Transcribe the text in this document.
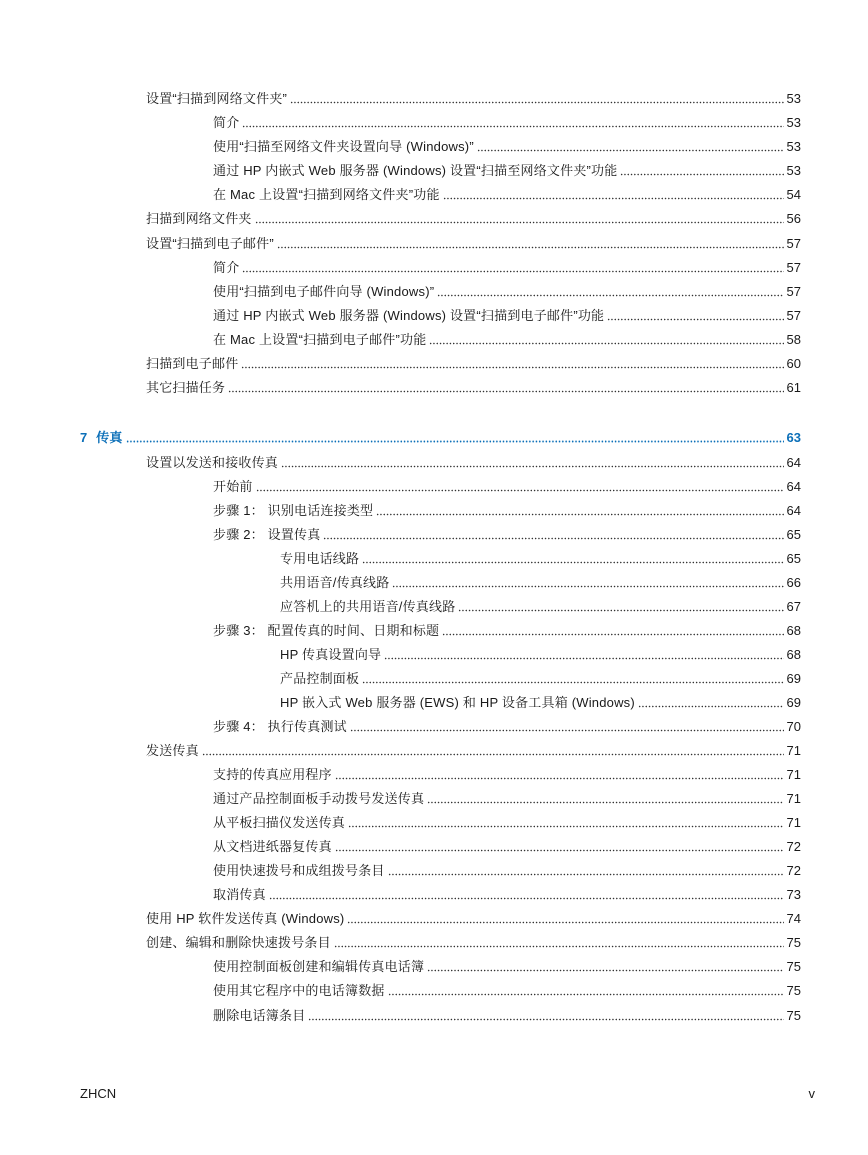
设置“扫描到网络文件夹”	53
简介	53
使用“扫描至网络文件夹设置向导 (Windows)”	53
通过 HP 内嵌式 Web 服务器 (Windows) 设置“扫描至网络文件夹”功能	53
在 Mac 上设置“扫描到网络文件夹”功能	54
扫描到网络文件夹	56
设置“扫描到电子邮件”	57
简介	57
使用“扫描到电子邮件向导 (Windows)”	57
通过 HP 内嵌式 Web 服务器 (Windows) 设置“扫描到电子邮件”功能	57
在 Mac 上设置“扫描到电子邮件”功能	58
扫描到电子邮件	60
其它扫描任务	61
7 传真	63
设置以发送和接收传真	64
开始前	64
步骤 1： 识别电话连接类型	64
步骤 2： 设置传真	65
专用电话线路	65
共用语音/传真线路	66
应答机上的共用语音/传真线路	67
步骤 3： 配置传真的时间、日期和标题	68
HP 传真设置向导	68
产品控制面板	69
HP 嵌入式 Web 服务器 (EWS) 和 HP 设备工具箱 (Windows)	69
步骤 4： 执行传真测试	70
发送传真	71
支持的传真应用程序	71
通过产品控制面板手动拨号发送传真	71
从平板扫描仪发送传真	71
从文档进纸器复传真	72
使用快速拨号和成组拨号条目	72
取消传真	73
使用 HP 软件发送传真 (Windows)	74
创建、编辑和删除快速拨号条目	75
使用控制面板创建和编辑传真电话簿	75
使用其它程序中的电话簿数据	75
删除电话簿条目	75
ZHCN	v
